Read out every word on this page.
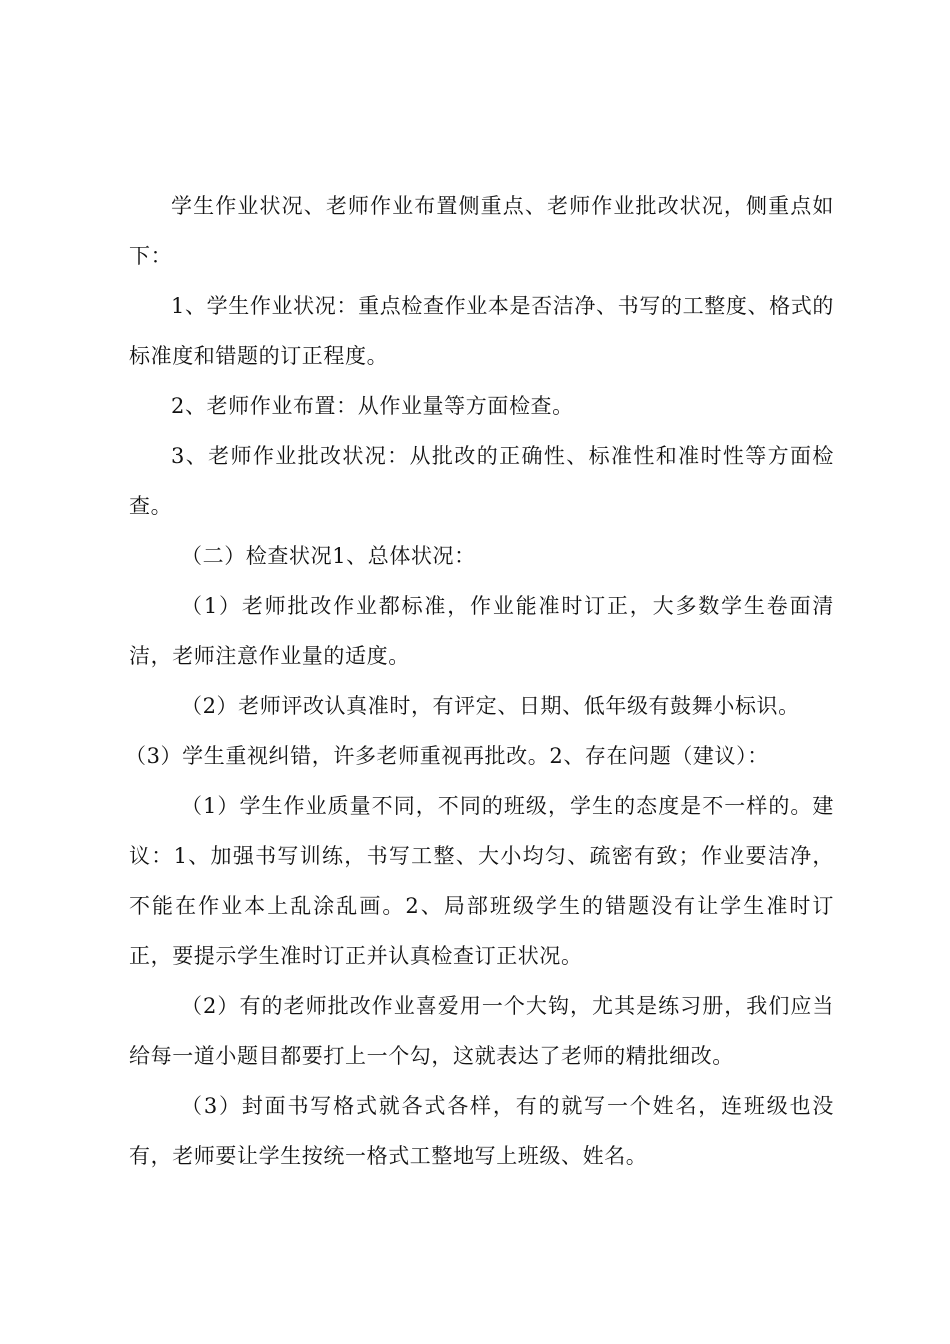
学生作业状况、老师作业布置侧重点、老师作业批改状况，侧重点如下：

1、学生作业状况：重点检查作业本是否洁净、书写的工整度、格式的标准度和错题的订正程度。

2、老师作业布置：从作业量等方面检查。

3、老师作业批改状况：从批改的正确性、标准性和准时性等方面检查。

（二）检查状况1、总体状况：

（1）老师批改作业都标准，作业能准时订正，大多数学生卷面清洁，老师注意作业量的适度。

（2）老师评改认真准时，有评定、日期、低年级有鼓舞小标识。

（3）学生重视纠错，许多老师重视再批改。2、存在问题（建议）：

（1）学生作业质量不同，不同的班级，学生的态度是不一样的。建议：1、加强书写训练，书写工整、大小均匀、疏密有致；作业要洁净，不能在作业本上乱涂乱画。2、局部班级学生的错题没有让学生准时订正，要提示学生准时订正并认真检查订正状况。

（2）有的老师批改作业喜爱用一个大钩，尤其是练习册，我们应当给每一道小题目都要打上一个勾，这就表达了老师的精批细改。

（3）封面书写格式就各式各样，有的就写一个姓名，连班级也没有，老师要让学生按统一格式工整地写上班级、姓名。
